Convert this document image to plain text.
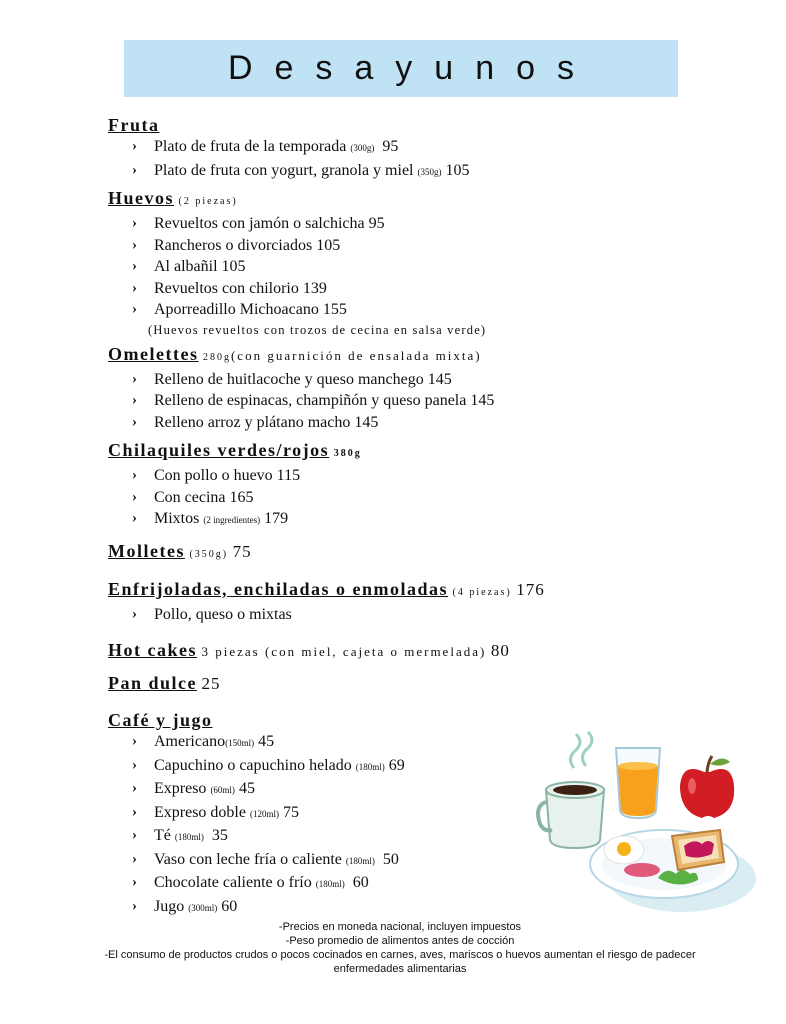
Desayunos
Fruta
› Plato de fruta de la temporada (300g) 95
› Plato de fruta con yogurt, granola y miel (350g) 105
Huevos (2 piezas)
› Revueltos con jamón o salchicha 95
› Rancheros o divorciados 105
› Al albañil 105
› Revueltos con chilorio 139
› Aporreadillo Michoacano 155
(Huevos revueltos con trozos de cecina en salsa verde)
Omelettes 280g(con guarnición de ensalada mixta)
› Relleno de huitlacoche y queso manchego 145
› Relleno de espinacas, champiñón y queso panela 145
› Relleno arroz y plátano macho 145
Chilaquiles verdes/rojos 380g
› Con pollo o huevo 115
› Con cecina 165
› Mixtos (2 ingredientes) 179
Molletes (350g) 75
Enfrijoladas, enchiladas o enmoladas (4 piezas) 176
› Pollo, queso o mixtas
Hot cakes 3 piezas (con miel, cajeta o mermelada) 80
Pan dulce 25
Café y jugo
› Americano(150ml) 45
› Capuchino o capuchino helado (180ml) 69
› Expreso (60ml) 45
› Expreso doble (120ml) 75
› Té (180ml) 35
› Vaso con leche fría o caliente (180ml) 50
› Chocolate caliente o frío (180ml) 60
› Jugo (300ml) 60
-Precios en moneda nacional, incluyen impuestos
-Peso promedio de alimentos antes de cocción
-El consumo de productos crudos o pocos cocinados en carnes, aves, mariscos o huevos aumentan el riesgo de padecer
enfermedades alimentarias
